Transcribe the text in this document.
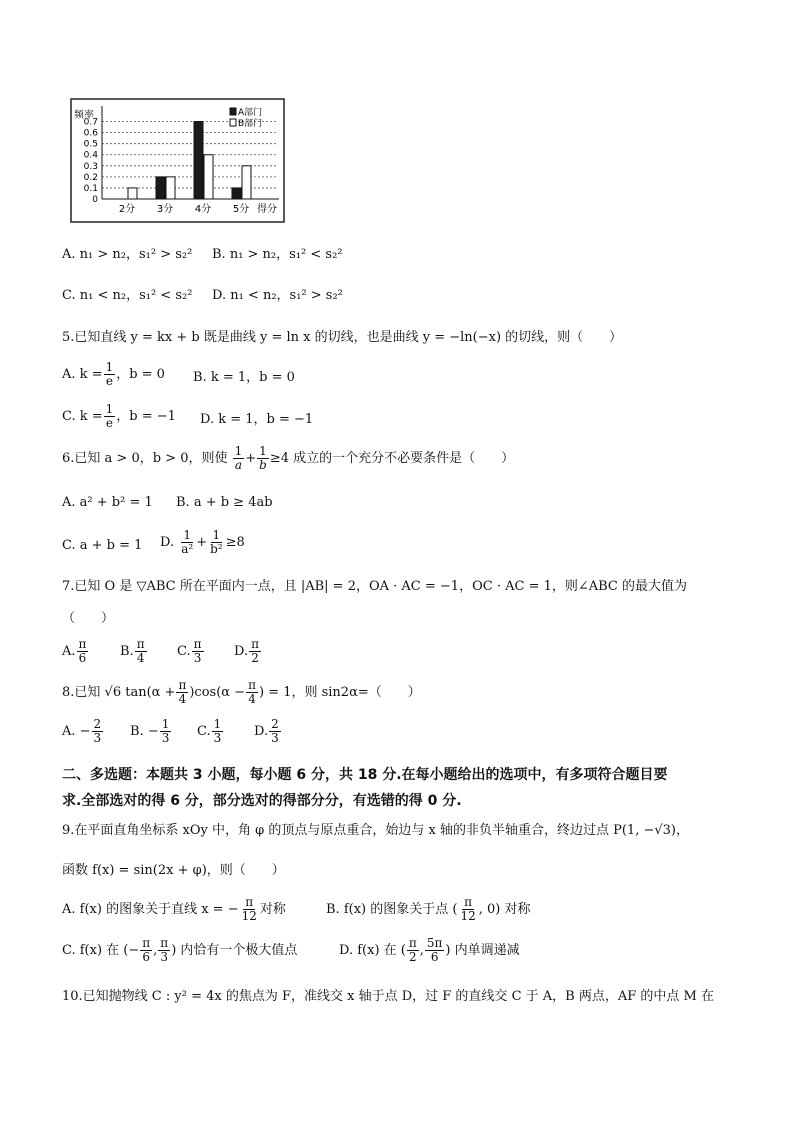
0
0.1
0.2
0.3
0.4
0.5
0.6
0.7
频率
2分 3分 4分 5分 得分
A部门
B部门
A. n₁ > n₂，s₁² > s₂² B. n₁ > n₂，s₁² < s₂²
C. n₁ < n₂，s₁² < s₂² D. n₁ < n₂，s₁² > s₂²
5.已知直线 y = kx + b 既是曲线 y = ln x 的切线，也是曲线 y = −ln(−x) 的切线，则（　　）
A. $k = \frac{1}{e}$ ，b = 0 B. k = 1，b = 0
C. $k = \frac{1}{e}$ ，b = −1 D. k = 1，b = −1
6.已知 a > 0，b > 0，则使 $\frac{1}{a} + \frac{1}{b} \ge 4$ 成立的一个充分不必要条件是（　　）
A. a² + b² = 1 B. a + b ≥ 4ab
C. a + b = 1 D. $\frac{1}{\text{a²}} + \frac{1}{\text{b²}} \ge 8$
7.已知 O 是 ▽ABC 所在平面内一点，且 |AB| = 2，OA · AC = −1，OC · AC = 1，则∠ABC 的最大值为
（　　）
A. $\frac{\pi}{6} B$. $\frac{\pi}{4} C$. $\frac{\pi}{3} D$. $\frac{\pi}{2}$
8.已知 √6 $\tan(\alpha + \frac{\pi}{4} )\cos(\alpha - \frac{\pi}{4}$ ) = 1，则 sin2α=（　　）
A. − $\frac{2}{3} B$. − $\frac{1}{3} C$. $\frac{1}{3} D$. $\frac{2}{3}$
二、多选题：本题共 3 小题，每小题 6 分，共 18 分.在每小题给出的选项中，有多项符合题目要
求.全部选对的得 6 分，部分选对的得部分分，有选错的得 0 分.
9.在平面直角坐标系 xOy 中，角 φ 的顶点与原点重合，始边与 x 轴的非负半轴重合，终边过点 P(1, −√3)，
函数 f(x) = sin(2x + φ)，则（　　）
A. f(x) 的图象关于直线 x = − $\frac{\pi}{12}$ 对称	B. f(x) 的图象关于点 ( $\frac{\pi}{12}$ , 0) 对称
C. f(x) 在 (− $\frac{\pi}{6}$ , $\frac{\pi}{3}$ ) 内恰有一个极大值点	D. f(x) 在 ( $\frac{\pi}{2}$ , $\frac{5\pi}{6}$ ) 内单调递减
10.已知抛物线 C : y² = 4x 的焦点为 F，准线交 x 轴于点 D，过 F 的直线交 C 于 A，B 两点，AF 的中点 M 在
